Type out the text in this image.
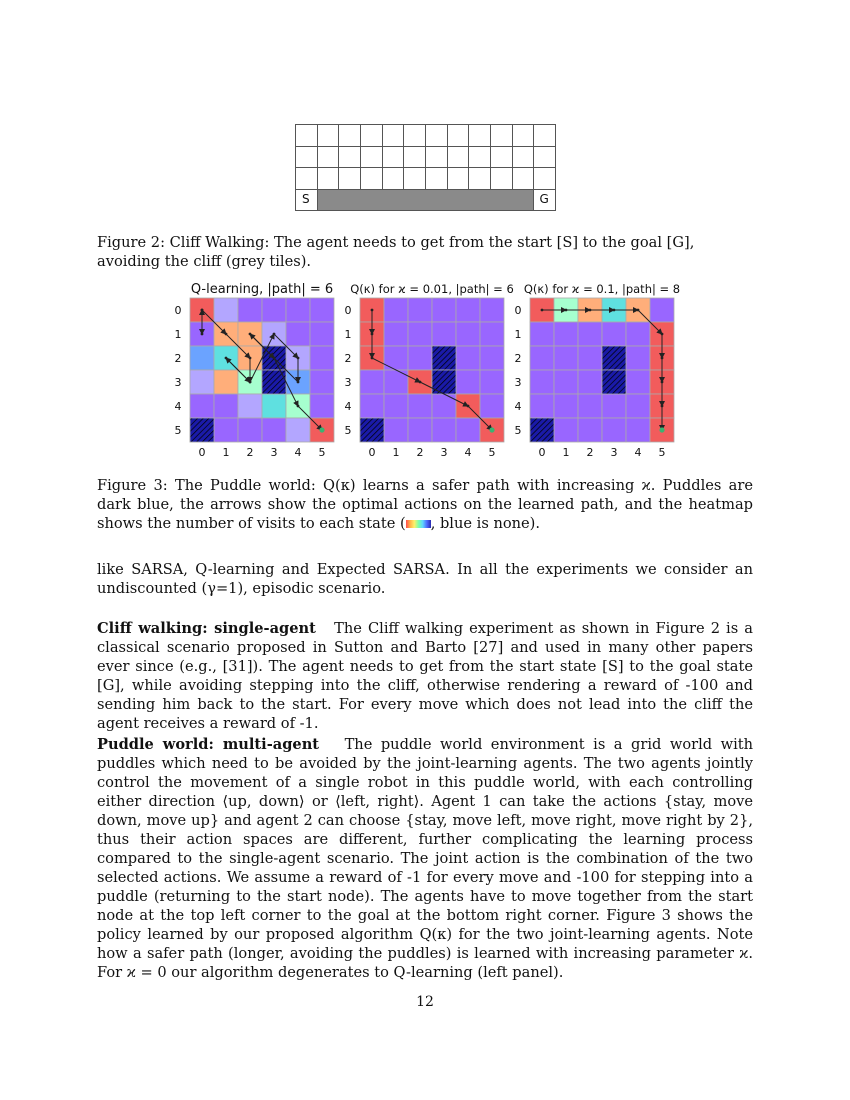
S	G
Figure 2: Cliff Walking: The agent needs to get from the start [S] to the goal [G], avoiding the cliff (grey tiles).
Q-learning, |path| = 6
0
0
1
1
2
2
3
3
4
4
5
5
Q(κ) for ϰ = 0.01, |path| = 6
0
0
1
1
2
2
3
3
4
4
5
5
Q(κ) for ϰ = 0.1, |path| = 8
0
0
1
1
2
2
3
3
4
4
5
5
Figure 3: The Puddle world: Q(κ) learns a safer path with increasing ϰ. Puddles are dark blue, the arrows show the optimal actions on the learned path, and the heatmap shows the number of visits to each state ( , blue is none).
like SARSA, Q-learning and Expected SARSA. In all the experiments we consider an undiscounted (γ=1), episodic scenario.
Cliff walking: single-agent The Cliff walking experiment as shown in Figure 2 is a classical scenario proposed in Sutton and Barto [27] and used in many other papers ever since (e.g., [31]). The agent needs to get from the start state [S] to the goal state [G], while avoiding stepping into the cliff, otherwise rendering a reward of -100 and sending him back to the start. For every move which does not lead into the cliff the agent receives a reward of -1.
Puddle world: multi-agent The puddle world environment is a grid world with puddles which need to be avoided by the joint-learning agents. The two agents jointly control the movement of a single robot in this puddle world, with each controlling either direction ⟨up, down⟩ or ⟨left, right⟩. Agent 1 can take the actions {stay, move down, move up} and agent 2 can choose {stay, move left, move right, move right by 2}, thus their action spaces are different, further complicating the learning process compared to the single-agent scenario. The joint action is the combination of the two selected actions. We assume a reward of -1 for every move and -100 for stepping into a puddle (returning to the start node). The agents have to move together from the start node at the top left corner to the goal at the bottom right corner. Figure 3 shows the policy learned by our proposed algorithm Q(κ) for the two joint-learning agents. Note how a safer path (longer, avoiding the puddles) is learned with increasing parameter ϰ. For ϰ = 0 our algorithm degenerates to Q-learning (left panel).
12
